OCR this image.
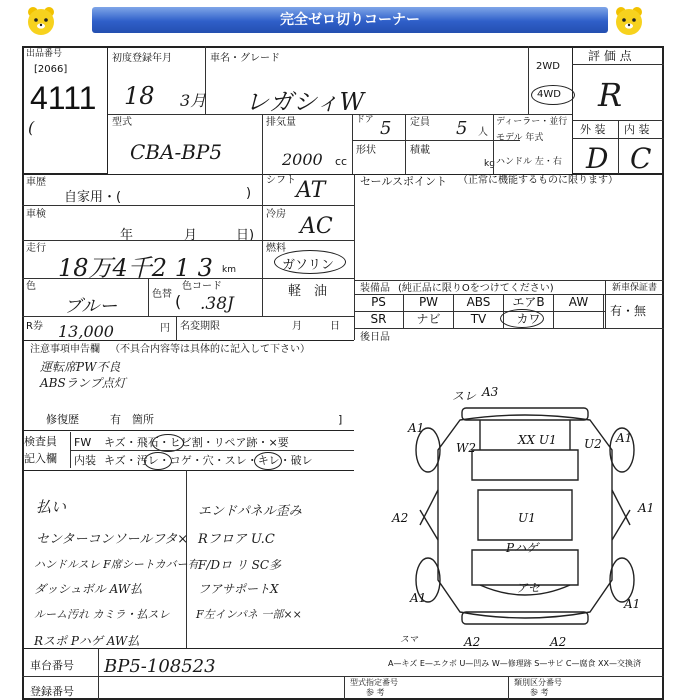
完全ゼロ切りコーナー
出品番号
[2066]
4111
(
初度登録年月
18 3月
車名・グレード
レガシィW
2WD
4WD
評 価 点
R
外 装 内 装
D C
型式
CBA-BP5
排気量
2000 cc
ドア 5 定員 5 人
形状	積載
kg
ディーラー・並行
モデル 年式
ハンドル 左・右
車歴
自家用・(	)
車検
年	月	日)
走行
18万4千2 1 3 km
色
ブルー
色替 (
色コード
.38J
R券 13,000	円 名変期限	月	日
シフト AT
冷房 AC
燃料
ガソリン
軽 油
セールスポイント （正常に機能するものに限ります）
装備品 (純正品に限りOをつけてください)	新車保証書
有・無
PS	PW	ABS	エアB	AW
SR	ナビ	TV	カワ
後日品
注意事項申告欄 （不具合内容等は具体的に記入して下さい）
運転席PW不良
ABSランプ点灯
修復歴	有 箇所	]
検査員
記入欄
FW キズ・飛石・ヒビ割・リペア跡・×要
内装 キズ・汚レ・コゲ・穴・スレ・キレ・破レ
払い
センターコンソールフタ×
ハンドルスレ F席シートカバー有
ダッシュボル AW払
ルーム汚れ カミラ・払スレ
Rスポ Pハゲ AW払
エンドパネル歪み
Rフロア U.C
F/Dロ リ SC多
フアサポートX
F左インパネ 一部××
A3
スレ
A1
W2
XX U1 U2
A1
A2	U1
A1
Pハゲ
アセ
A1	A1
スマ	A2	A2
車台番号 BP5-108523	A—キズ E—エクボ U—凹み W—修理跡 S—サビ C—腐食 XX—交換済
登録番号
型式指定番号
参 考
類別区分番号
参 考
